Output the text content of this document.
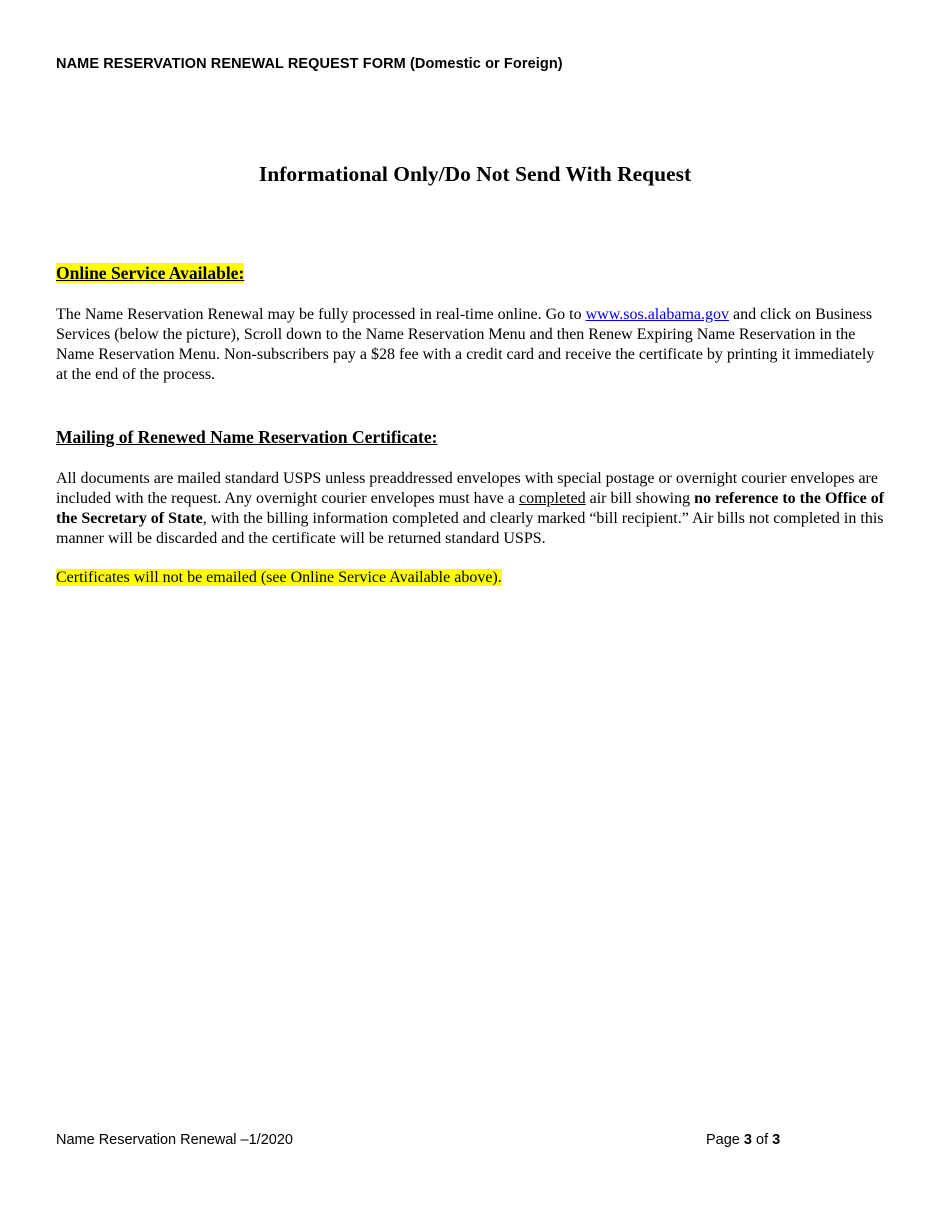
NAME RESERVATION RENEWAL REQUEST FORM (Domestic or Foreign)
Informational Only/Do Not Send With Request
Online Service Available:
The Name Reservation Renewal may be fully processed in real-time online. Go to www.sos.alabama.gov and click on Business Services (below the picture), Scroll down to the Name Reservation Menu and then Renew Expiring Name Reservation in the Name Reservation Menu. Non-subscribers pay a $28 fee with a credit card and receive the certificate by printing it immediately at the end of the process.
Mailing of Renewed Name Reservation Certificate:
All documents are mailed standard USPS unless preaddressed envelopes with special postage or overnight courier envelopes are included with the request. Any overnight courier envelopes must have a completed air bill showing no reference to the Office of the Secretary of State, with the billing information completed and clearly marked “bill recipient.” Air bills not completed in this manner will be discarded and the certificate will be returned standard USPS.
Certificates will not be emailed (see Online Service Available above).
Name Reservation Renewal –1/2020	Page 3 of 3
